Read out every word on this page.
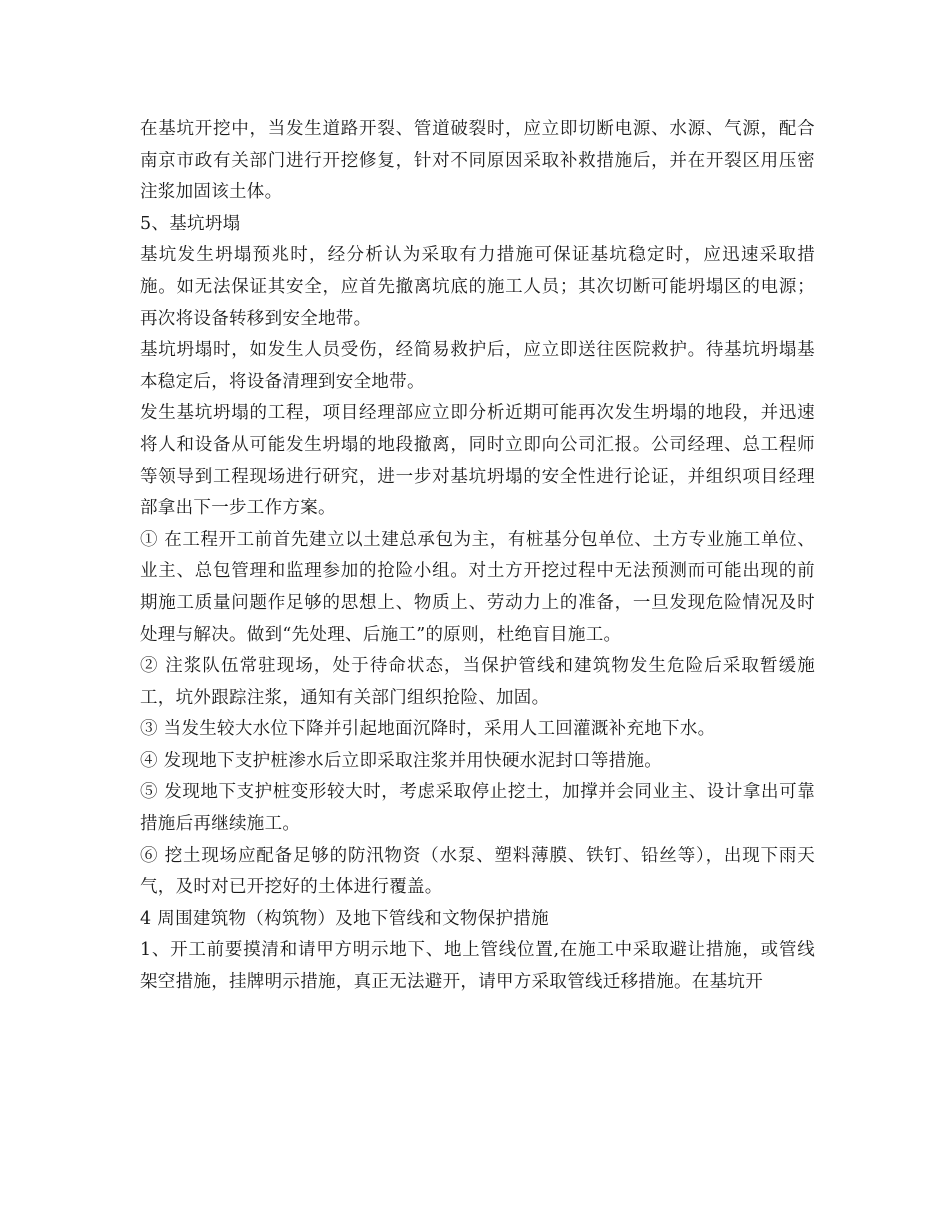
在基坑开挖中，当发生道路开裂、管道破裂时，应立即切断电源、水源、气源，配合南京市政有关部门进行开挖修复，针对不同原因采取补救措施后，并在开裂区用压密注浆加固该土体。

5、基坑坍塌

基坑发生坍塌预兆时，经分析认为采取有力措施可保证基坑稳定时，应迅速采取措施。如无法保证其安全，应首先撤离坑底的施工人员；其次切断可能坍塌区的电源；再次将设备转移到安全地带。

基坑坍塌时，如发生人员受伤，经简易救护后，应立即送往医院救护。待基坑坍塌基本稳定后，将设备清理到安全地带。

发生基坑坍塌的工程，项目经理部应立即分析近期可能再次发生坍塌的地段，并迅速将人和设备从可能发生坍塌的地段撤离，同时立即向公司汇报。公司经理、总工程师等领导到工程现场进行研究，进一步对基坑坍塌的安全性进行论证，并组织项目经理部拿出下一步工作方案。

① 在工程开工前首先建立以土建总承包为主，有桩基分包单位、土方专业施工单位、业主、总包管理和监理参加的抢险小组。对土方开挖过程中无法预测而可能出现的前期施工质量问题作足够的思想上、物质上、劳动力上的准备，一旦发现危险情况及时处理与解决。做到“先处理、后施工”的原则，杜绝盲目施工。

② 注浆队伍常驻现场，处于待命状态，当保护管线和建筑物发生危险后采取暂缓施工，坑外跟踪注浆，通知有关部门组织抢险、加固。

③ 当发生较大水位下降并引起地面沉降时，采用人工回灌溉补充地下水。

④ 发现地下支护桩渗水后立即采取注浆并用快硬水泥封口等措施。

⑤ 发现地下支护桩变形较大时，考虑采取停止挖土，加撑并会同业主、设计拿出可靠措施后再继续施工。

⑥ 挖土现场应配备足够的防汛物资（水泵、塑料薄膜、铁钉、铅丝等），出现下雨天气，及时对已开挖好的土体进行覆盖。

4 周围建筑物（构筑物）及地下管线和文物保护措施

1、开工前要摸清和请甲方明示地下、地上管线位置,在施工中采取避让措施，或管线架空措施，挂牌明示措施，真正无法避开，请甲方采取管线迁移措施。在基坑开
